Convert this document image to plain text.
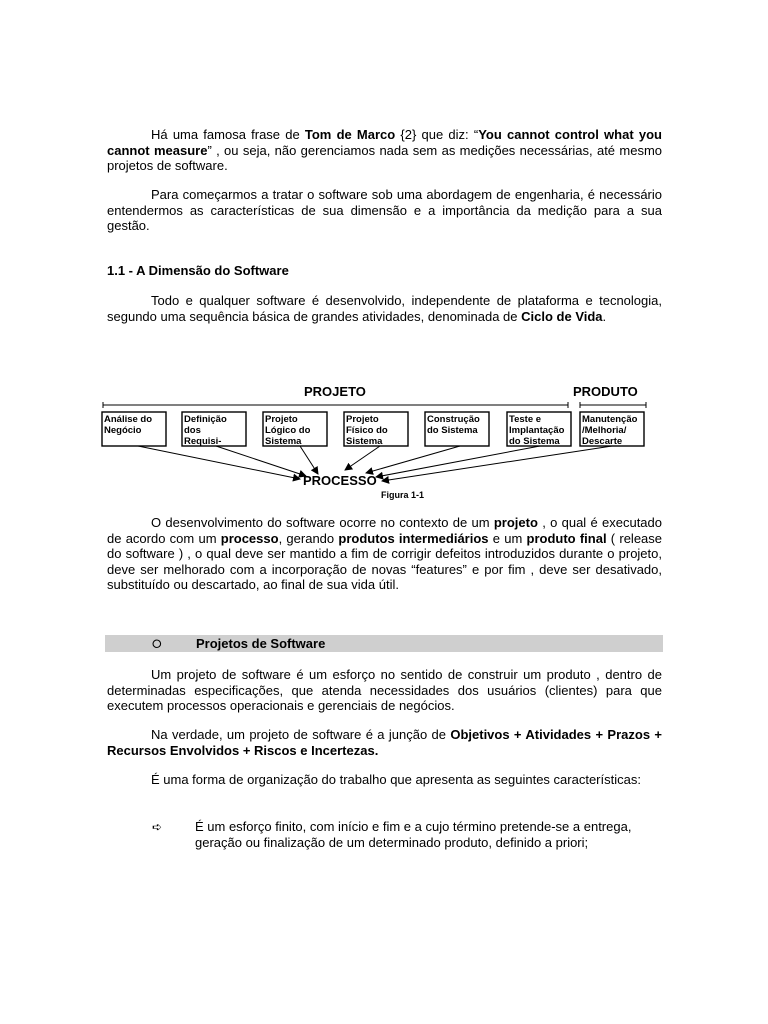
Há uma famosa frase de Tom de Marco {2} que diz: “You cannot control what you cannot measure” , ou seja, não gerenciamos nada sem as medições necessárias, até mesmo projetos de software.

Para começarmos a tratar o software sob uma abordagem de engenharia, é necessário entendermos as características de sua dimensão e a importância da medição para a sua gestão.

1.1 - A Dimensão do Software

Todo e qualquer software é desenvolvido, independente de plataforma e tecnologia, segundo uma sequência básica de grandes atividades, denominada de Ciclo de Vida.

PROJETO	PRODUTO
Análise do
Negócio
Definição
dos
Requisi-
Projeto
Lógico do
Sistema
Projeto
Físico do
Sistema
Construção
do Sistema
Teste e
Implantação
do Sistema
Manutenção
/Melhoria/
Descarte
PROCESSO
Figura 1-1

O desenvolvimento do software ocorre no contexto de um projeto , o qual é executado de acordo com um processo, gerando produtos intermediários e um produto final ( release do software ) , o qual deve ser mantido a fim de corrigir defeitos introduzidos durante o projeto, deve ser melhorado com a incorporação de novas “features” e por fim , deve ser desativado, substituído ou descartado, ao final de sua vida útil.

⭘	Projetos de Software

Um projeto de software é um esforço no sentido de construir um produto , dentro de determinadas especificações, que atenda necessidades dos usuários (clientes) para que executem processos operacionais e gerenciais de negócios.

Na verdade, um projeto de software é a junção de Objetivos + Atividades + Prazos + Recursos Envolvidos + Riscos e Incertezas.

É uma forma de organização do trabalho que apresenta as seguintes características:

➪	É um esforço finito, com início e fim e a cujo término pretende-se a entrega, geração ou finalização de um determinado produto, definido a priori;
